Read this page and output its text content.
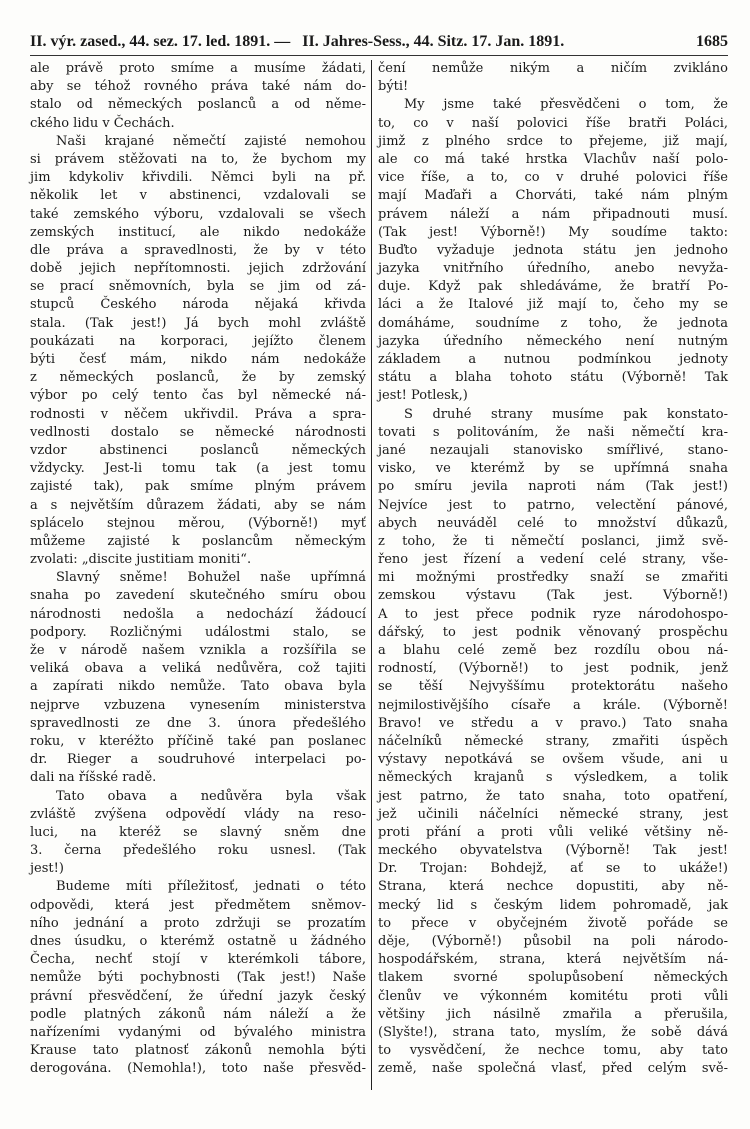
II. výr. zased., 44. sez. 17. led. 1891. — II. Jahres-Sess., 44. Sitz. 17. Jan. 1891.	1685
ale právě proto smíme a musíme žádati,
aby se téhož rovného práva také nám do-
stalo od německých poslanců a od něme-
ckého lidu v Čechách.
Naši krajané němečtí zajisté nemohou
si právem stěžovati na to, že bychom my
jim kdykoliv křivdili. Němci byli na př.
několik let v abstinenci, vzdalovali se
také zemského výboru, vzdalovali se všech
zemských institucí, ale nikdo nedokáže
dle práva a spravedlnosti, že by v této
době jejich nepřítomnosti. jejich zdržování
se prací sněmovních, byla se jim od zá-
stupců Českého národa nějaká křivda
stala. (Tak jest!) Já bych mohl zvláště
poukázati na korporaci, jejížto členem
býti česť mám, nikdo nám nedokáže
z německých poslanců, že by zemský
výbor po celý tento čas byl německé ná-
rodnosti v něčem ukřivdil. Práva a spra-
vedlnosti dostalo se německé národnosti
vzdor abstinenci poslanců německých
vždycky. Jest-li tomu tak (a jest tomu
zajisté tak), pak smíme plným právem
a s největším důrazem žádati, aby se nám
splácelo stejnou měrou, (Výborně!) myť
můžeme zajisté k poslancům německým
zvolati: „discite justitiam moniti“.
Slavný sněme! Bohužel naše upřímná
snaha po zavedení skutečného smíru obou
národnosti nedošla a nedochází žádoucí
podpory. Rozličnými událostmi stalo, se
že v národě našem vznikla a rozšířila se
veliká obava a veliká nedůvěra, což tajiti
a zapírati nikdo nemůže. Tato obava byla
nejprve vzbuzena vynesením ministerstva
spravedlnosti ze dne 3. února předešlého
roku, v kteréžto příčině také pan poslanec
dr. Rieger a soudruhové interpelaci po-
dali na říšské radě.
Tato obava a nedůvěra byla však
zvláště zvýšena odpovědí vlády na reso-
luci, na kteréž se slavný sněm dne
3. černa předešlého roku usnesl. (Tak
jest!)
Budeme míti příležitosť, jednati o této
odpovědi, která jest předmětem sněmov-
ního jednání a proto zdržuji se prozatím
dnes úsudku, o kterémž ostatně u žádného
Čecha, nechť stojí v kterémkoli tábore,
nemůže býti pochybnosti (Tak jest!) Naše
právní přesvědčení, že úřední jazyk český
podle platných zákonů nám náleží a že
nařízeními vydanými od bývalého ministra
Krause tato platnosť zákonů nemohla býti
derogována. (Nemohla!), toto naše přesvěd-
čení nemůže nikým a ničím zvikláno
býti!
My jsme také přesvědčeni o tom, že
to, co v naší polovici říše bratři Poláci,
jimž z plného srdce to přejeme, již mají,
ale co má také hrstka Vlachův naší polo-
vice říše, a to, co v druhé polovici říše
mají Maďaři a Chorváti, také nám plným
právem náleží a nám připadnouti musí.
(Tak jest! Výborně!) My soudíme takto:
Buďto vyžaduje jednota státu jen jednoho
jazyka vnitřního úředního, anebo nevyža-
duje. Když pak shledáváme, že bratří Po-
láci a že Italové již mají to, čeho my se
domáháme, soudníme z toho, že jednota
jazyka úředního německého není nutným
základem a nutnou podmínkou jednoty
státu a blaha tohoto státu (Výborně! Tak
jest! Potlesk,)
S druhé strany musíme pak konstato-
tovati s politováním, že naši němečtí kra-
jané nezaujali stanovisko smířlivé, stano-
visko, ve kterémž by se upřímná snaha
po smíru jevila naproti nám (Tak jest!)
Nejvíce jest to patrno, velectění pánové,
abych neuváděl celé to množství důkazů,
z toho, že ti němečtí poslanci, jimž svě-
řeno jest řízení a vedení celé strany, vše-
mi možnými prostředky snaží se zmařiti
zemskou výstavu (Tak jest. Výborně!)
A to jest přece podnik ryze národohospo-
dářský, to jest podnik věnovaný prospěchu
a blahu celé země bez rozdílu obou ná-
rodností, (Výborně!) to jest podnik, jenž
se těší Nejvyššímu protektorátu našeho
nejmilostivějšího císaře a krále. (Výborně!
Bravo! ve středu a v pravo.) Tato snaha
náčelníků německé strany, zmařiti úspěch
výstavy nepotkává se ovšem všude, ani u
německých krajanů s výsledkem, a tolik
jest patrno, že tato snaha, toto opatření,
jež učinili náčelníci německé strany, jest
proti přání a proti vůli veliké většiny ně-
meckého obyvatelstva (Výborně! Tak jest!
Dr. Trojan: Bohdejž, ať se to ukáže!)
Strana, která nechce dopustiti, aby ně-
mecký lid s českým lidem pohromadě, jak
to přece v obyčejném životě pořáde se
děje, (Výborně!) působil na poli národo-
hospodářském, strana, která největším ná-
tlakem svorné spolupůsobení německých
členův ve výkonném komitétu proti vůli
většiny jich násilně zmařila a přerušila,
(Slyšte!), strana tato, myslím, že sobě dává
to vysvědčení, že nechce tomu, aby tato
země, naše společná vlasť, před celým svě-
